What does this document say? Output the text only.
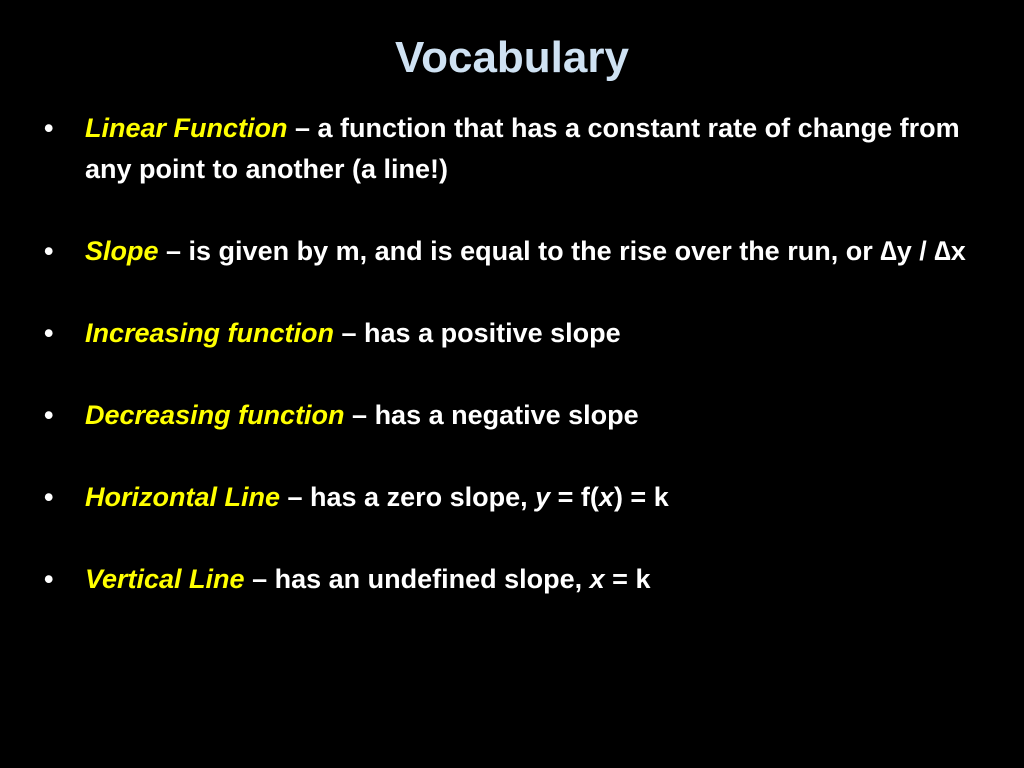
Vocabulary
• Linear Function – a function that has a constant rate of change from any point to another (a line!)
• Slope – is given by m, and is equal to the rise over the run, or ∆y / ∆x
• Increasing function – has a positive slope
• Decreasing function – has a negative slope
• Horizontal Line – has a zero slope, y = f(x) = k
• Vertical Line – has an undefined slope, x = k
